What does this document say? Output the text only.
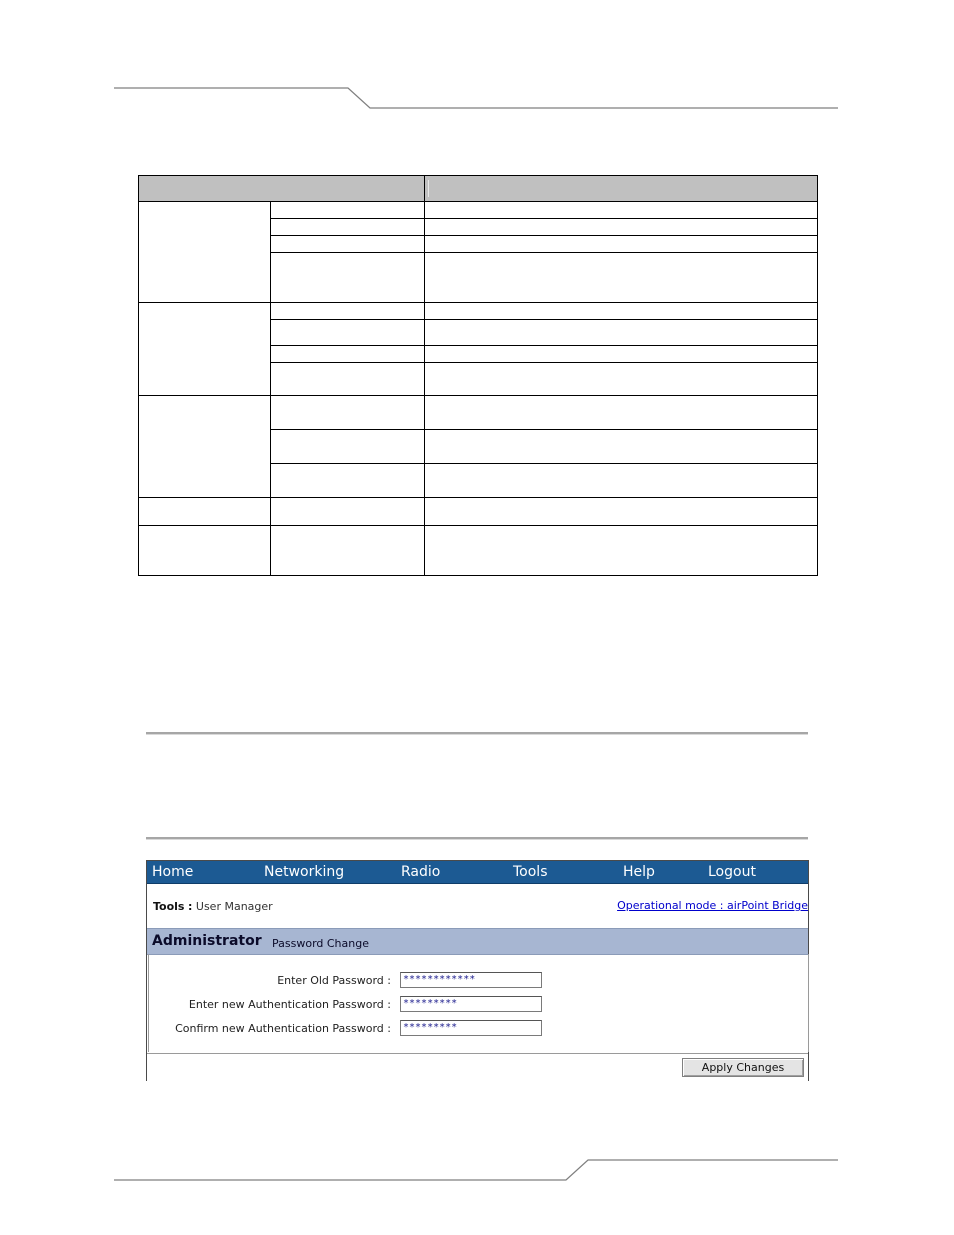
Home	Networking	Radio	Tools	Help	Logout
Tools : User Manager	Operational mode : airPoint Bridge
Administrator Password Change
Enter Old Password :	************
Enter new Authentication Password :	*********
Confirm new Authentication Password :	*********
Apply Changes
